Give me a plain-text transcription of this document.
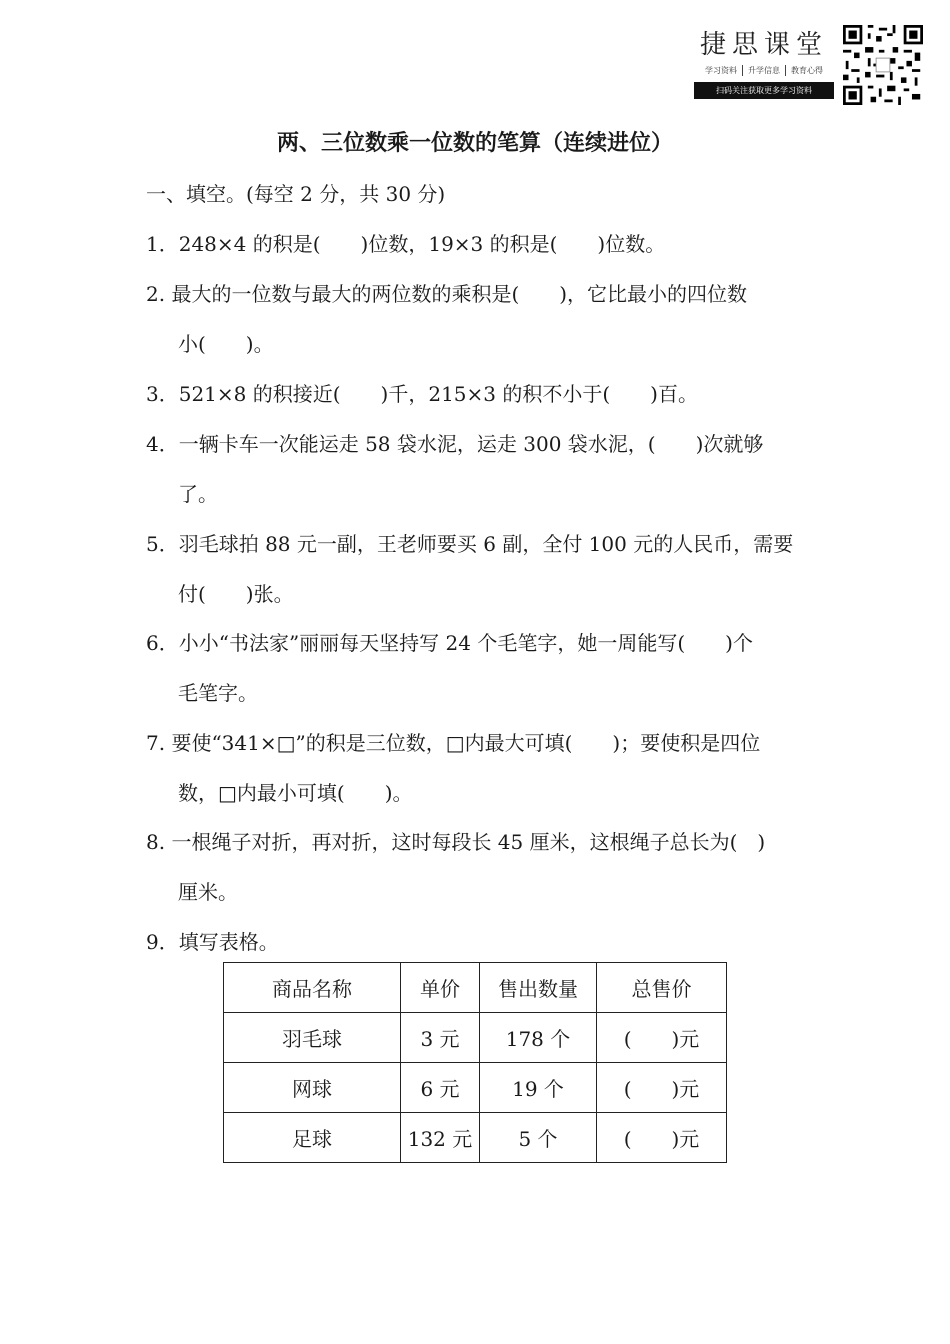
捷思课堂
学习资料	升学信息	教育心得
扫码关注获取更多学习资料
两、三位数乘一位数的笔算（连续进位）
一、填空。(每空 2 分，共 30 分)
1．248×4 的积是(　　)位数，19×3 的积是(　　)位数。
2. 最大的一位数与最大的两位数的乘积是(　　)，它比最小的四位数
小(　　)。
3．521×8 的积接近(　　)千，215×3 的积不小于(　　)百。
4．一辆卡车一次能运走 58 袋水泥，运走 300 袋水泥，(　　)次就够
了。
5．羽毛球拍 88 元一副，王老师要买 6 副，全付 100 元的人民币，需要
付(　　)张。
6．小小“书法家”丽丽每天坚持写 24 个毛笔字，她一周能写(　　)个
毛笔字。
7. 要使“341×□”的积是三位数，□内最大可填(　　)；要使积是四位
数，□内最小可填(　　)。
8. 一根绳子对折，再对折，这时每段长 45 厘米，这根绳子总长为(　)
厘米。
9．填写表格。
商品名称	单价	售出数量	总售价
羽毛球	3 元	178 个	(　　)元
网球	6 元	19 个	(　　)元
足球	132 元	5 个	(　　)元
